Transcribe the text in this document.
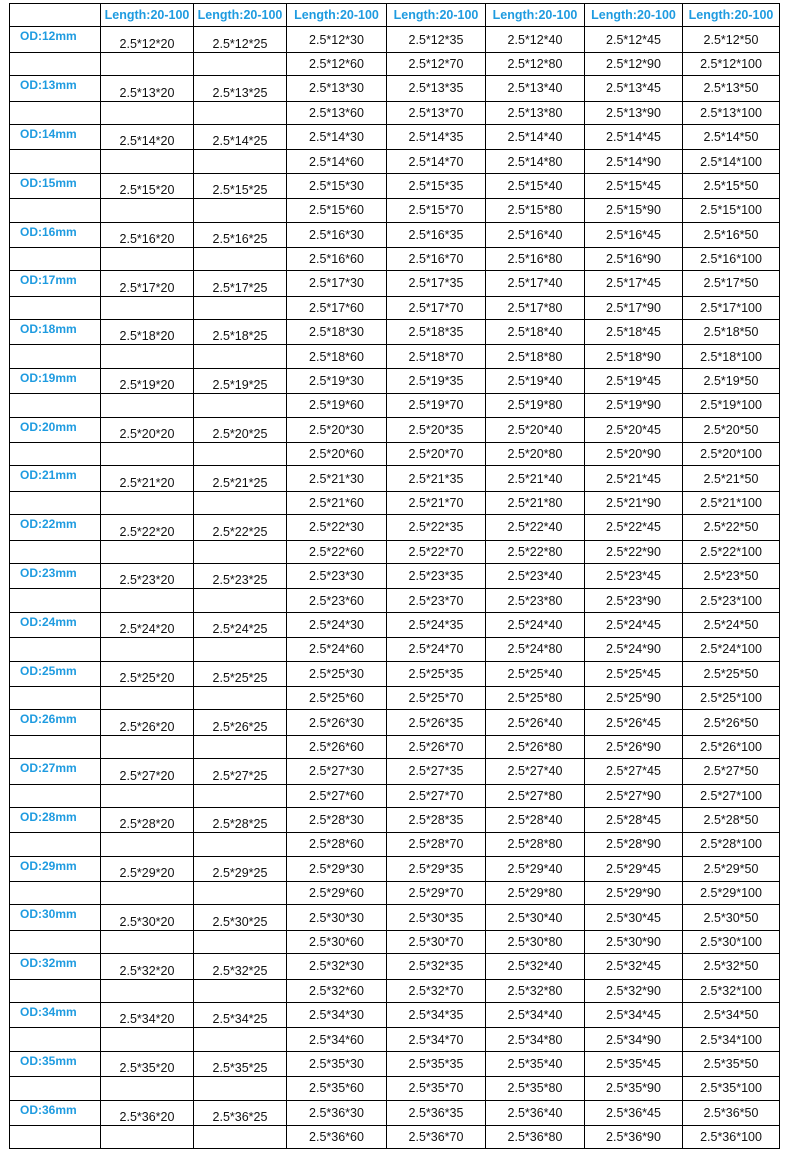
	Length:20-100	Length:20-100	Length:20-100	Length:20-100	Length:20-100	Length:20-100	Length:20-100
OD:12mm	2.5*12*20	2.5*12*25	2.5*12*30	2.5*12*35	2.5*12*40	2.5*12*45	2.5*12*50
			2.5*12*60	2.5*12*70	2.5*12*80	2.5*12*90	2.5*12*100
OD:13mm	2.5*13*20	2.5*13*25	2.5*13*30	2.5*13*35	2.5*13*40	2.5*13*45	2.5*13*50
			2.5*13*60	2.5*13*70	2.5*13*80	2.5*13*90	2.5*13*100
OD:14mm	2.5*14*20	2.5*14*25	2.5*14*30	2.5*14*35	2.5*14*40	2.5*14*45	2.5*14*50
			2.5*14*60	2.5*14*70	2.5*14*80	2.5*14*90	2.5*14*100
OD:15mm	2.5*15*20	2.5*15*25	2.5*15*30	2.5*15*35	2.5*15*40	2.5*15*45	2.5*15*50
			2.5*15*60	2.5*15*70	2.5*15*80	2.5*15*90	2.5*15*100
OD:16mm	2.5*16*20	2.5*16*25	2.5*16*30	2.5*16*35	2.5*16*40	2.5*16*45	2.5*16*50
			2.5*16*60	2.5*16*70	2.5*16*80	2.5*16*90	2.5*16*100
OD:17mm	2.5*17*20	2.5*17*25	2.5*17*30	2.5*17*35	2.5*17*40	2.5*17*45	2.5*17*50
			2.5*17*60	2.5*17*70	2.5*17*80	2.5*17*90	2.5*17*100
OD:18mm	2.5*18*20	2.5*18*25	2.5*18*30	2.5*18*35	2.5*18*40	2.5*18*45	2.5*18*50
			2.5*18*60	2.5*18*70	2.5*18*80	2.5*18*90	2.5*18*100
OD:19mm	2.5*19*20	2.5*19*25	2.5*19*30	2.5*19*35	2.5*19*40	2.5*19*45	2.5*19*50
			2.5*19*60	2.5*19*70	2.5*19*80	2.5*19*90	2.5*19*100
OD:20mm	2.5*20*20	2.5*20*25	2.5*20*30	2.5*20*35	2.5*20*40	2.5*20*45	2.5*20*50
			2.5*20*60	2.5*20*70	2.5*20*80	2.5*20*90	2.5*20*100
OD:21mm	2.5*21*20	2.5*21*25	2.5*21*30	2.5*21*35	2.5*21*40	2.5*21*45	2.5*21*50
			2.5*21*60	2.5*21*70	2.5*21*80	2.5*21*90	2.5*21*100
OD:22mm	2.5*22*20	2.5*22*25	2.5*22*30	2.5*22*35	2.5*22*40	2.5*22*45	2.5*22*50
			2.5*22*60	2.5*22*70	2.5*22*80	2.5*22*90	2.5*22*100
OD:23mm	2.5*23*20	2.5*23*25	2.5*23*30	2.5*23*35	2.5*23*40	2.5*23*45	2.5*23*50
			2.5*23*60	2.5*23*70	2.5*23*80	2.5*23*90	2.5*23*100
OD:24mm	2.5*24*20	2.5*24*25	2.5*24*30	2.5*24*35	2.5*24*40	2.5*24*45	2.5*24*50
			2.5*24*60	2.5*24*70	2.5*24*80	2.5*24*90	2.5*24*100
OD:25mm	2.5*25*20	2.5*25*25	2.5*25*30	2.5*25*35	2.5*25*40	2.5*25*45	2.5*25*50
			2.5*25*60	2.5*25*70	2.5*25*80	2.5*25*90	2.5*25*100
OD:26mm	2.5*26*20	2.5*26*25	2.5*26*30	2.5*26*35	2.5*26*40	2.5*26*45	2.5*26*50
			2.5*26*60	2.5*26*70	2.5*26*80	2.5*26*90	2.5*26*100
OD:27mm	2.5*27*20	2.5*27*25	2.5*27*30	2.5*27*35	2.5*27*40	2.5*27*45	2.5*27*50
			2.5*27*60	2.5*27*70	2.5*27*80	2.5*27*90	2.5*27*100
OD:28mm	2.5*28*20	2.5*28*25	2.5*28*30	2.5*28*35	2.5*28*40	2.5*28*45	2.5*28*50
			2.5*28*60	2.5*28*70	2.5*28*80	2.5*28*90	2.5*28*100
OD:29mm	2.5*29*20	2.5*29*25	2.5*29*30	2.5*29*35	2.5*29*40	2.5*29*45	2.5*29*50
			2.5*29*60	2.5*29*70	2.5*29*80	2.5*29*90	2.5*29*100
OD:30mm	2.5*30*20	2.5*30*25	2.5*30*30	2.5*30*35	2.5*30*40	2.5*30*45	2.5*30*50
			2.5*30*60	2.5*30*70	2.5*30*80	2.5*30*90	2.5*30*100
OD:32mm	2.5*32*20	2.5*32*25	2.5*32*30	2.5*32*35	2.5*32*40	2.5*32*45	2.5*32*50
			2.5*32*60	2.5*32*70	2.5*32*80	2.5*32*90	2.5*32*100
OD:34mm	2.5*34*20	2.5*34*25	2.5*34*30	2.5*34*35	2.5*34*40	2.5*34*45	2.5*34*50
			2.5*34*60	2.5*34*70	2.5*34*80	2.5*34*90	2.5*34*100
OD:35mm	2.5*35*20	2.5*35*25	2.5*35*30	2.5*35*35	2.5*35*40	2.5*35*45	2.5*35*50
			2.5*35*60	2.5*35*70	2.5*35*80	2.5*35*90	2.5*35*100
OD:36mm	2.5*36*20	2.5*36*25	2.5*36*30	2.5*36*35	2.5*36*40	2.5*36*45	2.5*36*50
			2.5*36*60	2.5*36*70	2.5*36*80	2.5*36*90	2.5*36*100
